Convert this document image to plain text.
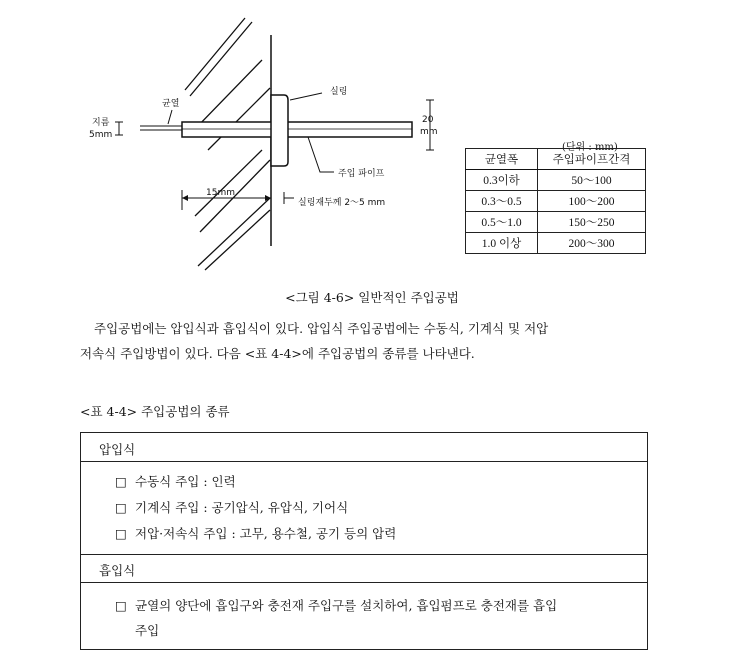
실링
균열
지름
5mm
20
mm
주입 파이프
15mm
실링재두께 2～5 mm
(단위 : mm)
균열폭	주입파이프간격
0.3이하	50～100
0.3～0.5	100～200
0.5～1.0	150～250
1.0 이상	200～300
<그림 4-6> 일반적인 주입공법

주입공법에는 압입식과 흡입식이 있다. 압입식 주입공법에는 수동식, 기계식 및 저압

저속식 주입방법이 있다. 다음 <표 4-4>에 주입공법의 종류를 나타낸다.

<표 4-4> 주입공법의 종류
압입식
□ 수동식 주입 : 인력
□ 기계식 주입 : 공기압식, 유압식, 기어식
□ 저압·저속식 주입 : 고무, 용수철, 공기 등의 압력
흡입식
□ 균열의 양단에 흡입구와 충전재 주입구를 설치하여, 흡입펌프로 충전재를 흡입
주입
